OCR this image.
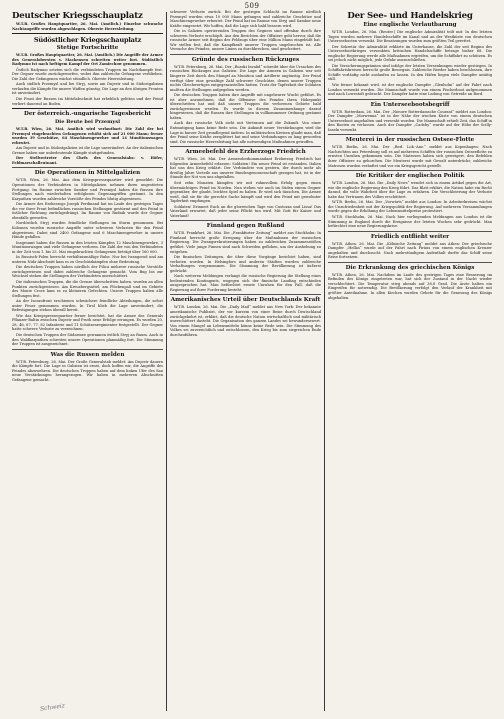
509
Deutscher Kriegsschauplatz

W.T.B. Großes Hauptquartier, 26. Mai. (Amtlich.) Einzelne schwache Nachtangriffe wurden abgeschlagen. Oberste Heeresleitung.

Südöstlicher Kriegsschauplatz
Stetige Fortschritte

W.T.B. Großes Hauptquartier, 26. Mai. (Amtlich.) Die Angriffe der Armee des Generalobersten v. Mackensen schreiten weiter fort. Südöstlich Radymno ist nach heftigem Kampf der Ort Zamiechow genommen.

Östlich Radymno setzten sich die verbündeten Truppen im Nachtkampfe fest. Der Gegner wurde zurückgeworfen, wobei ihm zahlreiche Gefangene verblieben. Die Zahl der Gefangenen wächst stündlich. Oberste Heeresleitung.

Auch südlich Przemysl und bei Stryj, sowie am Dnjestr und in Südostgalizien verlaufen die Kämpfe für unsere Waffen günstig. Die Lage an den übrigen Fronten ist unverändert.

Die Front der Russen im Mittelabschnitt hat erheblich gelitten und der Feind verliert dauernd an Boden.

Der österreich.-ungarische Tagesbericht
Die Beute bei Przemysl

W.T.B. Wien, 26. Mai. Amtlich wird verlautbart: Die Zahl der bei Przemysl eingebrachten Gefangenen erhöht sich auf 21 000 Mann; ferner wurden 39 Geschütze, 64 Maschinengewehre und 14 Munitionswagen erbeutet.

Am Dnjestr und in Südostgalizien ist die Lage unverändert. An der italienischen Grenze haben nur unbedeutende Kämpfe stattgefunden.

Der Stellvertreter des Chefs des Generalstabs: v. Höfer, Feldmarschalleutnant.

Die Operationen in Mittelgalizien

W.T.B. Wien, 26. Mai. Aus dem Kriegspressequartier wird gemeldet: Die Operationen der Verbündeten in Mittelgalizien nehmen ihren ungestörten Fortgang. Im Raume zwischen Sambor und Przemysl haben die Russen ihre Stellungen nach wiederholten erfolglosen Gegenangriffen geräumt. In den Karpathen wurden zahlreiche Vorstöße des Feindes blutig abgewiesen.

Die Armee des Erzherzogs Joseph Ferdinand hat im Laufe des gestrigen Tages die vor ihrer Front befindlichen russischen Stellungen gestürmt und den Feind in östlicher Richtung zurückgedrängt. Im Raume von Rudnik wurde der Gegner ebenfalls geworfen.

Nordöstlich Stryj wurden feindliche Stellungen im Sturm genommen. Bei Kolomea wurden russische Angriffe unter schweren Verlusten für den Feind abgewiesen. Dabei sind 2400 Gefangene und 6 Maschinengewehre in unsere Hände gefallen.

Insgesamt haben die Russen in den letzten Kämpfen 12 Maschinengewehre, 3 Munitionswagen und viele Gefangene verloren. Die Zahl der von den Verbündeten in der Zeit vom 1. bis 25. Mai eingebrachten Gefangenen beträgt über 160 000.

In Russisch-Polen herrscht verhältnismäßige Ruhe. Nur bei Iwangorod und am unteren Nida-Abschnitt kam es zu Geschützkämpfen ohne Bedeutung.

Die deutschen Truppen haben nördlich der Pilica mehrere russische Vorstöße zurückgewiesen und dabei zahlreiche Gefangene gemacht. Vom Bug bis zur Weichsel stehen die Stellungen der Verbündeten unerschüttert.

Die italienischen Truppen, die die Grenze überschritten haben, wurden an allen Punkten zurückgewiesen. Am Kreuzbergsattel, am Plöckenpaß und im Gebiete des Monte Croce kam es zu kleineren Gefechten. Unsere Truppen halten alle Stellungen fest.

An der Isonzofront erschienen schwächere feindliche Abteilungen, die sofort unter Feuer genommen wurden. In Tirol blieb die Lage unverändert; die Befestigungen stehen überall bereit.

Wie das Kriegspressequartier ferner berichtet, hat die Armee des Generals Pflanzer-Baltin zwischen Dnjestr und Pruth neue Erfolge errungen. Es wurden 20, 28, 46, 67, 77, 82 Infanterie und 11 Schützenregimenter festgestellt. Der Gegner hatte schwere Verluste zu verzeichnen.

Die deutschen Truppen der Südarmee gewannen östlich Stryj an Raum. Auch in den Waldkarpathen schreiten unsere Operationen planmäßig fort. Die Stimmung der Truppen ist ausgezeichnet.

Was die Russen melden

W.T.B. Petersburg, 26. Mai. Der Große Generalstab meldet: Am Dnjestr dauern die Kämpfe fort. Die Lage in Galizien ist ernst, doch hoffen wir, die Angriffe des Feindes abzuwehren. Die deutschen Truppen haben auf dem linken Ufer des San neue Verstärkungen herangezogen. Wir haben in mehreren Abschnitten Gefangene gemacht.

Schweiz

schwerer Verluste zurück. Bei der gestrigen Schlacht im Raume nördlich Przemysl wurden etwa 10 000 Mann gefangen und zahlreiche Geschütze und Maschinengewehre erbeutet. Der Feind hat im Raume von Stryj und Sambor neue Kräfte eingesetzt. Wir hoffen, daß die Lage sich bald bessern wird.

Die in Galizien operierenden Truppen des Gegners sind offenbar durch ihre schweren Verluste erschöpft. Aus den Berichten der Offiziere geht hervor, daß die russische Armee seit Beginn des Feldzugs über eine Million Mann eingebüßt hat. Wir stellen fest, daß die Kampfkraft unserer Truppen ungebrochen ist. Alle Versuche des Feindes, unsere Linien zu durchbrechen, sind gescheitert.

Gründe des russischen Rückzuges

W.T.B. Petersburg, 26. Mai. Der „Russki Invalid“ schreibt über die Ursachen des russischen Rückzuges aus Galizien: Die Lage der Armeen in Galizien war seit längerer Zeit durch den Mangel an Munition und Artillerie ungünstig. Der Feind verfügt über eine gewaltige Zahl schwerer Geschütze, denen unsere Truppen nichts Gleichwertiges entgegenzustellen hatten. Trotz der Tapferkeit der Soldaten mußten die Stellungen aufgegeben werden.

Die deutschen Truppen haben ihre Angriffe mit ungeheurer Wucht geführt. Es ist aber anzunehmen, daß die Offensive des Feindes ihren Höhepunkt überschritten hat und daß unsere Truppen die verlorenen Gebiete bald zurückgewinnen werden. Es wurde in diesem Zusammenhange darauf hingewiesen, daß die Russen ihre Stellungen in vollkommener Ordnung geräumt haben.

Auch das russische Volk sieht mit Vertrauen auf die Zukunft. Von einer Entmutigung kann keine Rede sein. Die Ankunft neuer Verstärkungen wird die Lage in kurzer Zeit grundlegend ändern. In militärischen Kreisen glaubt man, daß der Feind seine Kräfte zersplittert hat und seine Verbindungen zu lang geworden sind. Die russische Heeresleitung hat alle notwendigen Maßnahmen getroffen.

Armeebefehl des Erzherzogs Friedrich

W.T.B. Wien, 26. Mai. Der Armeeoberkommandant Erzherzog Friedrich hat folgenden Armeebefehl erlassen: Soldaten! Ein neuer Feind ist erstanden. Italien hat uns den Krieg erklärt. Der Verbündete von gestern, der durch mehr als dreißig Jahre Vorteile aus unserer Bundesgenossenschaft gezogen hat, ist in der Stunde der Not von uns abgefallen.

Seit zehn Monaten kämpfen wir mit ruhmvollem Erfolg gegen einen übermächtigen Feind im Norden. Nun stehen wir auch im Süden einem Gegner gegenüber, der glaubt, leichtes Spiel zu haben. Er wird sich täuschen. Die Armee weiß, daß sie für die gerechte Sache kämpft und wird den Feind mit gewohnter Tapferkeit empfangen.

Soldaten! Erinnert Euch an die glorreichen Tage von Custozza und Lissa! Das Vaterland erwartet, daß jeder seine Pflicht tun wird. Mit Gott für Kaiser und Vaterland!

Finnland gegen Rußland

W.T.B. Frankfurt, 26. Mai. Die „Frankfurter Zeitung“ meldet aus Stockholm: In Finnland herrscht große Erregung über die Maßnahmen der russischen Regierung. Die Zwangsrekrutierungen haben zu zahlreichen Zusammenstößen geführt. Viele junge Finnen sind nach Schweden geflohen, um der Aushebung zu entgehen.

Die finnischen Zeitungen, die über diese Vorgänge berichtet haben, sind verboten worden. In Helsingfors und anderen Städten wurden zahlreiche Verhaftungen vorgenommen. Die Stimmung der Bevölkerung ist äußerst gedrückt.

Nach weiteren Meldungen verlangt die russische Regierung die Stellung eines bedeutenden Kontingents, wogegen sich der finnische Landtag entschieden ausgesprochen hat. Man befürchtet ernste Unruhen für den Fall, daß die Regierung auf ihrer Forderung besteht.

Amerikanisches Urteil über Deutschlands Kraft

W.T.B. London, 26. Mai. Die „Daily Mail“ meldet aus New York: Der bekannte amerikanische Publizist, der vor kurzem von einer Reise durch Deutschland zurückgekehrt ist, erklärt, daß die deutsche Nation wirtschaftlich und militärisch unerschüttert dasteht. Die Organisation des ganzen Landes sei bewundernswert. Von einem Mangel an Lebensmitteln könne keine Rede sein. Die Stimmung des Volkes sei zuversichtlich und entschlossen, den Krieg bis zum siegreichen Ende durchzuführen.

Der See- und Handelskrieg
Eine englische Verlautbarung

W.T.B. London, 26. Mai. (Reuter.) Die englische Admiralität teilt mit: In den letzten Tagen wurden mehrere Handelsschiffe im Kanal und an der Westküste von deutschen Unterseebooten versenkt. Die Besatzungen wurden zum größten Teil gerettet.

Der Sekretär der Admiralität erklärte im Unterhause, die Zahl der seit Beginn des Unterseebootkrieges versenkten britischen Handelsschiffe betrage bisher 68. Die englische Regierung werde alle Maßnahmen ergreifen, um die Schiffahrt zu schützen. Es sei jedoch nicht möglich, jede Gefahr auszuschließen.

Die Versicherungsprämien sind infolge der letzten Versenkungen wieder gestiegen. In Schiffahrtskreisen herrscht große Besorgnis. Zahlreiche Reeder haben beschlossen, ihre Schiffe vorläufig nicht auslaufen zu lassen. In den Häfen liegen viele Dampfer untätig still.

Wie ferner bekannt wird, ist der englische Dampfer „Glenholm“ auf der Fahrt nach London versenkt worden. Die Mannschaft wurde von einem Fischerboot aufgenommen und nach Lowestoft gebracht. Der Dampfer hatte eine Ladung von Getreide an Bord.

Ein Unterseebootsbegriff

W.T.B. Rotterdam, 26. Mai. Der „Nieuwe Rotterdamsche Courant“ meldet aus London: Der Dampfer „Morwenna“ ist in der Nähe der irischen Küste von einem deutschen Unterseeboot angehalten und versenkt worden. Die Mannschaft erhielt Zeit, das Schiff in den Booten zu verlassen. Auch der Dampfer „Cadeby“ wurde auf der Höhe der Scilly-Inseln versenkt.

Meuterei in der russischen Ostsee-Flotte

W.T.B. Berlin, 26. Mai. Der „Berl. Lok.-Anz.“ meldet aus Kopenhagen: Nach Nachrichten aus Petersburg soll es auf mehreren Schiffen der russischen Ostseeflotte zu ernsten Unruhen gekommen sein. Die Matrosen haben sich geweigert, den Befehlen ihrer Offiziere zu gehorchen. Die Meuterei wurde mit Gewalt unterdrückt; zahlreiche Matrosen wurden verhaftet und vor ein Kriegsgericht gestellt.

Die Kritiker der englischen Politik

W.T.B. London, 26. Mai. Die „Daily News“ wendet sich in einem Artikel gegen die Art, wie die englische Regierung den Krieg führt. Das Blatt erklärt, die Nation habe ein Recht darauf, die volle Wahrheit über die Lage zu erfahren. Die Verschleierung der Verluste habe das Vertrauen des Volkes erschüttert.

W.T.B. Berlin, 26. Mai. Der „Vorwärts“ meldet aus London: In Arbeiterkreisen wächst die Unzufriedenheit mit der Kriegspolitik der Regierung. Auf mehreren Versammlungen wurde gegen die Erhöhung der Lebensmittelpreise protestiert.

W.T.B. Stockholm, 26. Mai. Nach hier vorliegenden Meldungen aus London ist die Stimmung in England durch die Ereignisse der letzten Wochen sehr gedrückt. Man befürchtet eine neue Regierungskrise.

Friedlich entflieht weiter

W.T.B. Athen, 26. Mai. Die „Kölnische Zeitung“ meldet aus Athen: Der griechische Dampfer „Hellas“ wurde auf der Fahrt nach Piräus von einem englischen Kreuzer angehalten und durchsucht. Nach mehrstündigem Aufenthalt durfte das Schiff seine Reise fortsetzen.

Die Erkrankung des griechischen Königs

W.T.B. Athen, 26. Mai. Nachdem im Laufe des gestrigen Tages eine Besserung im Befinden des Königs eingetreten war, hat sich der Zustand in der Nacht wieder verschlechtert. Die Temperatur stieg abends auf 38,8 Grad. Die Ärzte halten ein Eingreifen für notwendig. Die Bevölkerung verfolgt den Verlauf der Krankheit mit größter Anteilnahme. In allen Kirchen wurden Gebete für die Genesung des Königs abgehalten.
